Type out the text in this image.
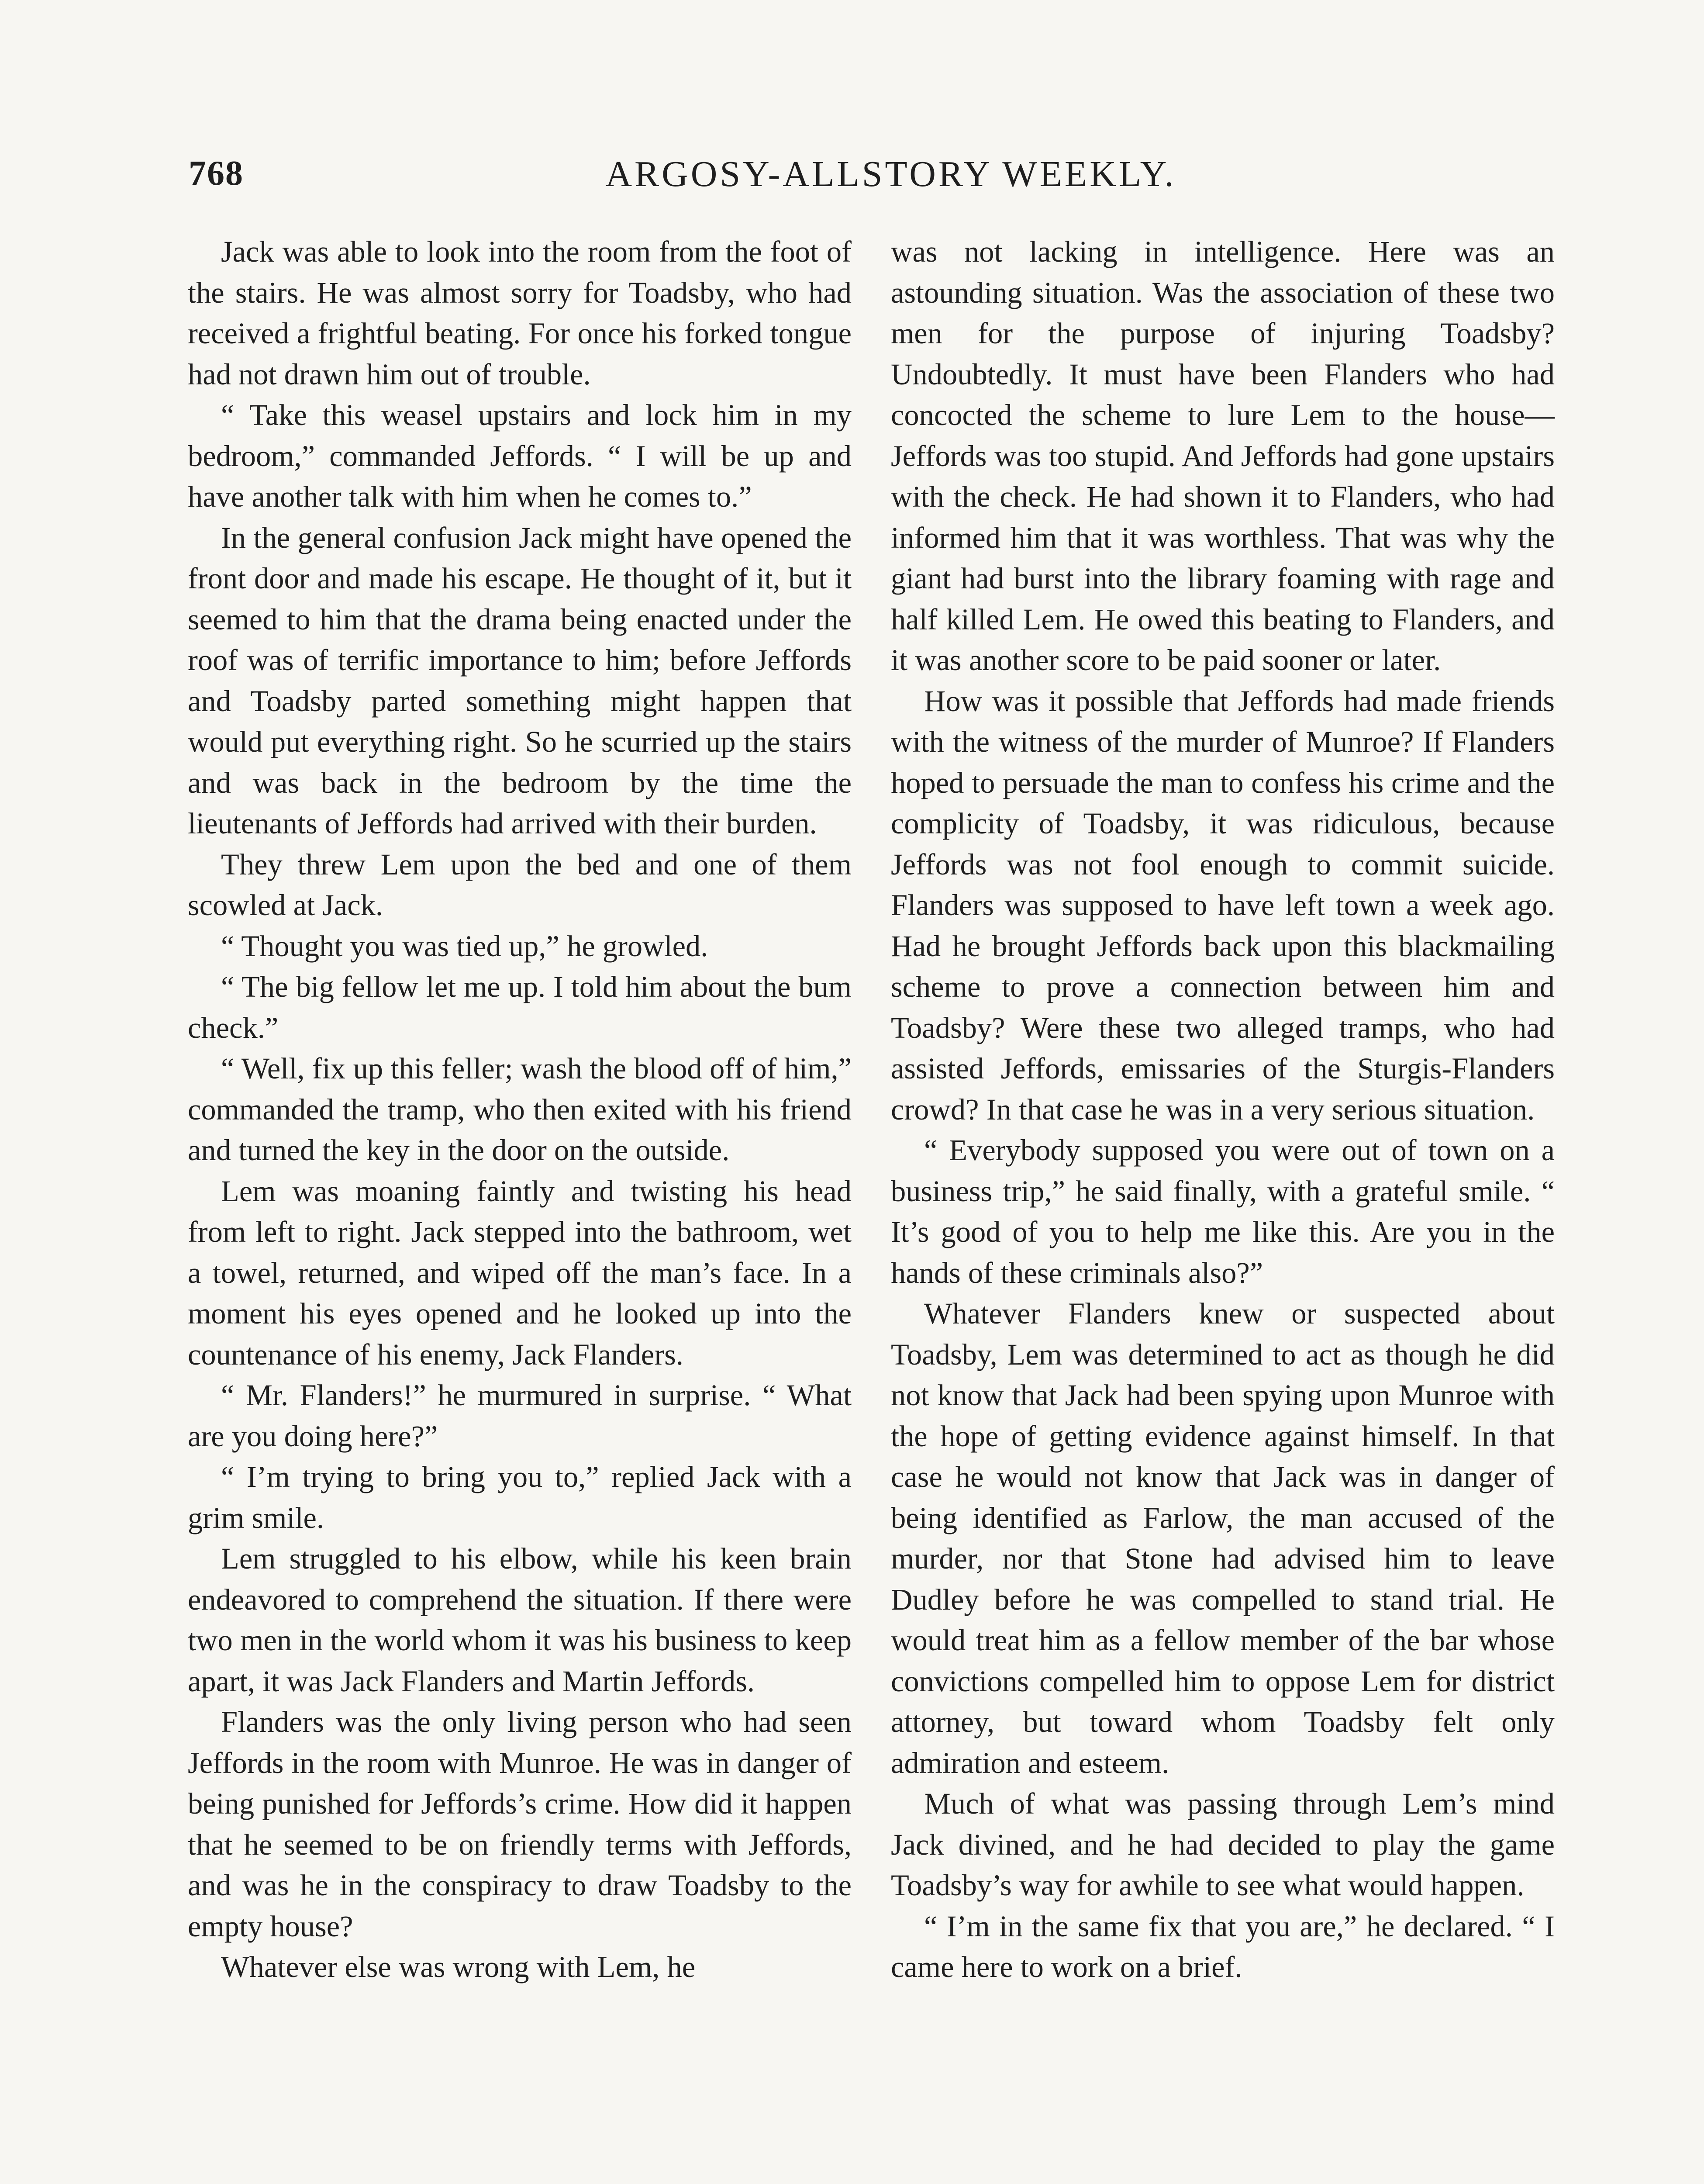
768	ARGOSY-ALLSTORY WEEKLY.

Jack was able to look into the room from the foot of the stairs. He was almost sorry for Toadsby, who had received a frightful beating. For once his forked tongue had not drawn him out of trouble.

“ Take this weasel upstairs and lock him in my bedroom,” commanded Jeffords. “ I will be up and have another talk with him when he comes to.”

In the general confusion Jack might have opened the front door and made his escape. He thought of it, but it seemed to him that the drama being enacted under the roof was of terrific importance to him; before Jeffords and Toadsby parted something might happen that would put everything right. So he scurried up the stairs and was back in the bedroom by the time the lieutenants of Jeffords had arrived with their burden.

They threw Lem upon the bed and one of them scowled at Jack.

“ Thought you was tied up,” he growled.

“ The big fellow let me up. I told him about the bum check.”

“ Well, fix up this feller; wash the blood off of him,” commanded the tramp, who then exited with his friend and turned the key in the door on the outside.

Lem was moaning faintly and twisting his head from left to right. Jack stepped into the bathroom, wet a towel, returned, and wiped off the man’s face. In a moment his eyes opened and he looked up into the countenance of his enemy, Jack Flanders.

“ Mr. Flanders!” he murmured in surprise. “ What are you doing here?”

“ I’m trying to bring you to,” replied Jack with a grim smile.

Lem struggled to his elbow, while his keen brain endeavored to comprehend the situation. If there were two men in the world whom it was his business to keep apart, it was Jack Flanders and Martin Jeffords.

Flanders was the only living person who had seen Jeffords in the room with Munroe. He was in danger of being punished for Jeffords’s crime. How did it happen that he seemed to be on friendly terms with Jeffords, and was he in the conspiracy to draw Toadsby to the empty house?

Whatever else was wrong with Lem, he

was not lacking in intelligence. Here was an astounding situation. Was the association of these two men for the purpose of injuring Toadsby? Undoubtedly. It must have been Flanders who had concocted the scheme to lure Lem to the house—Jeffords was too stupid. And Jeffords had gone upstairs with the check. He had shown it to Flanders, who had informed him that it was worthless. That was why the giant had burst into the library foaming with rage and half killed Lem. He owed this beating to Flanders, and it was another score to be paid sooner or later.

How was it possible that Jeffords had made friends with the witness of the murder of Munroe? If Flanders hoped to persuade the man to confess his crime and the complicity of Toadsby, it was ridiculous, because Jeffords was not fool enough to commit suicide. Flanders was supposed to have left town a week ago. Had he brought Jeffords back upon this blackmailing scheme to prove a connection between him and Toadsby? Were these two alleged tramps, who had assisted Jeffords, emissaries of the Sturgis-Flanders crowd? In that case he was in a very serious situation.

“ Everybody supposed you were out of town on a business trip,” he said finally, with a grateful smile. “ It’s good of you to help me like this. Are you in the hands of these criminals also?”

Whatever Flanders knew or suspected about Toadsby, Lem was determined to act as though he did not know that Jack had been spying upon Munroe with the hope of getting evidence against himself. In that case he would not know that Jack was in danger of being identified as Farlow, the man accused of the murder, nor that Stone had advised him to leave Dudley before he was compelled to stand trial. He would treat him as a fellow member of the bar whose convictions compelled him to oppose Lem for district attorney, but toward whom Toadsby felt only admiration and esteem.

Much of what was passing through Lem’s mind Jack divined, and he had decided to play the game Toadsby’s way for awhile to see what would happen.

“ I’m in the same fix that you are,” he declared. “ I came here to work on a brief.
